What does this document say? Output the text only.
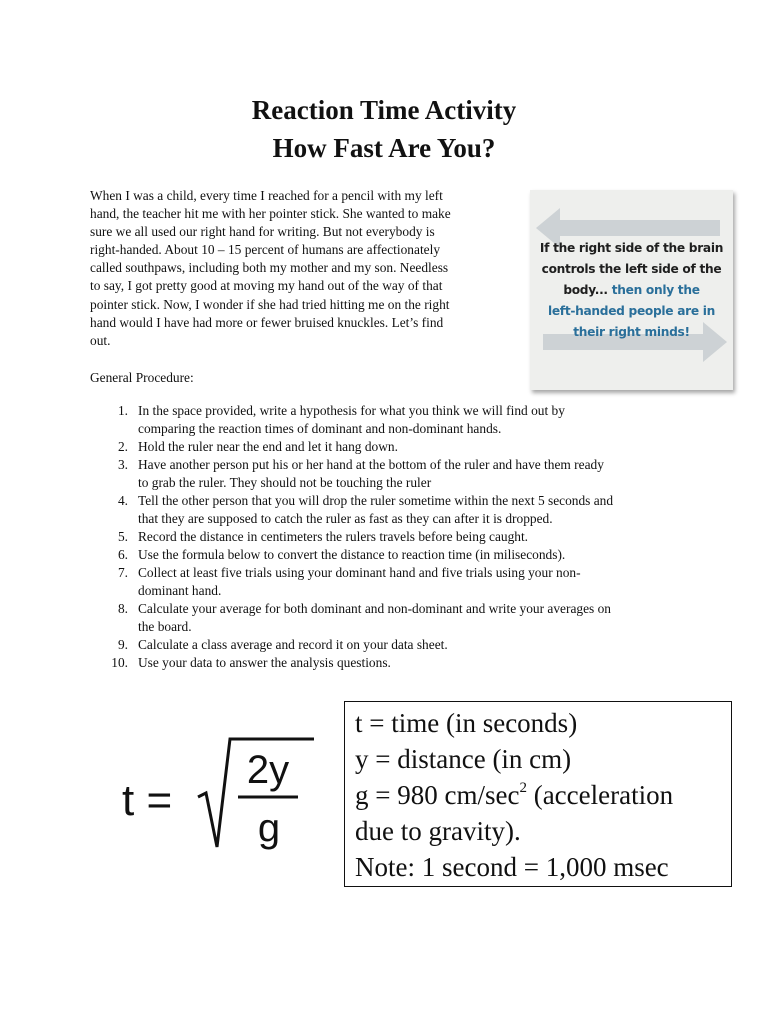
Reaction Time Activity
How Fast Are You?
When I was a child, every time I reached for a pencil with my left
hand, the teacher hit me with her pointer stick. She wanted to make
sure we all used our right hand for writing. But not everybody is
right-handed. About 10 – 15 percent of humans are affectionately
called southpaws, including both my mother and my son. Needless
to say, I got pretty good at moving my hand out of the way of that
pointer stick. Now, I wonder if she had tried hitting me on the right
hand would I have had more or fewer bruised knuckles. Let’s find
out.
If the right side of the brain
controls the left side of the
body... then only the
left-handed people are in
their right minds!
General Procedure:
1. In the space provided, write a hypothesis for what you think we will find out by
comparing the reaction times of dominant and non-dominant hands.
2. Hold the ruler near the end and let it hang down.
3. Have another person put his or her hand at the bottom of the ruler and have them ready
to grab the ruler. They should not be touching the ruler
4. Tell the other person that you will drop the ruler sometime within the next 5 seconds and
that they are supposed to catch the ruler as fast as they can after it is dropped.
5. Record the distance in centimeters the rulers travels before being caught.
6. Use the formula below to convert the distance to reaction time (in miliseconds).
7. Collect at least five trials using your dominant hand and five trials using your non-
dominant hand.
8. Calculate your average for both dominant and non-dominant and write your averages on
the board.
9. Calculate a class average and record it on your data sheet.
10. Use your data to answer the analysis questions.
t =
2y
g
t = time (in seconds)
y = distance (in cm)
g = 980 $cm/\sec^2$ (acceleration
due to gravity).
Note: 1 second = 1,000 msec
